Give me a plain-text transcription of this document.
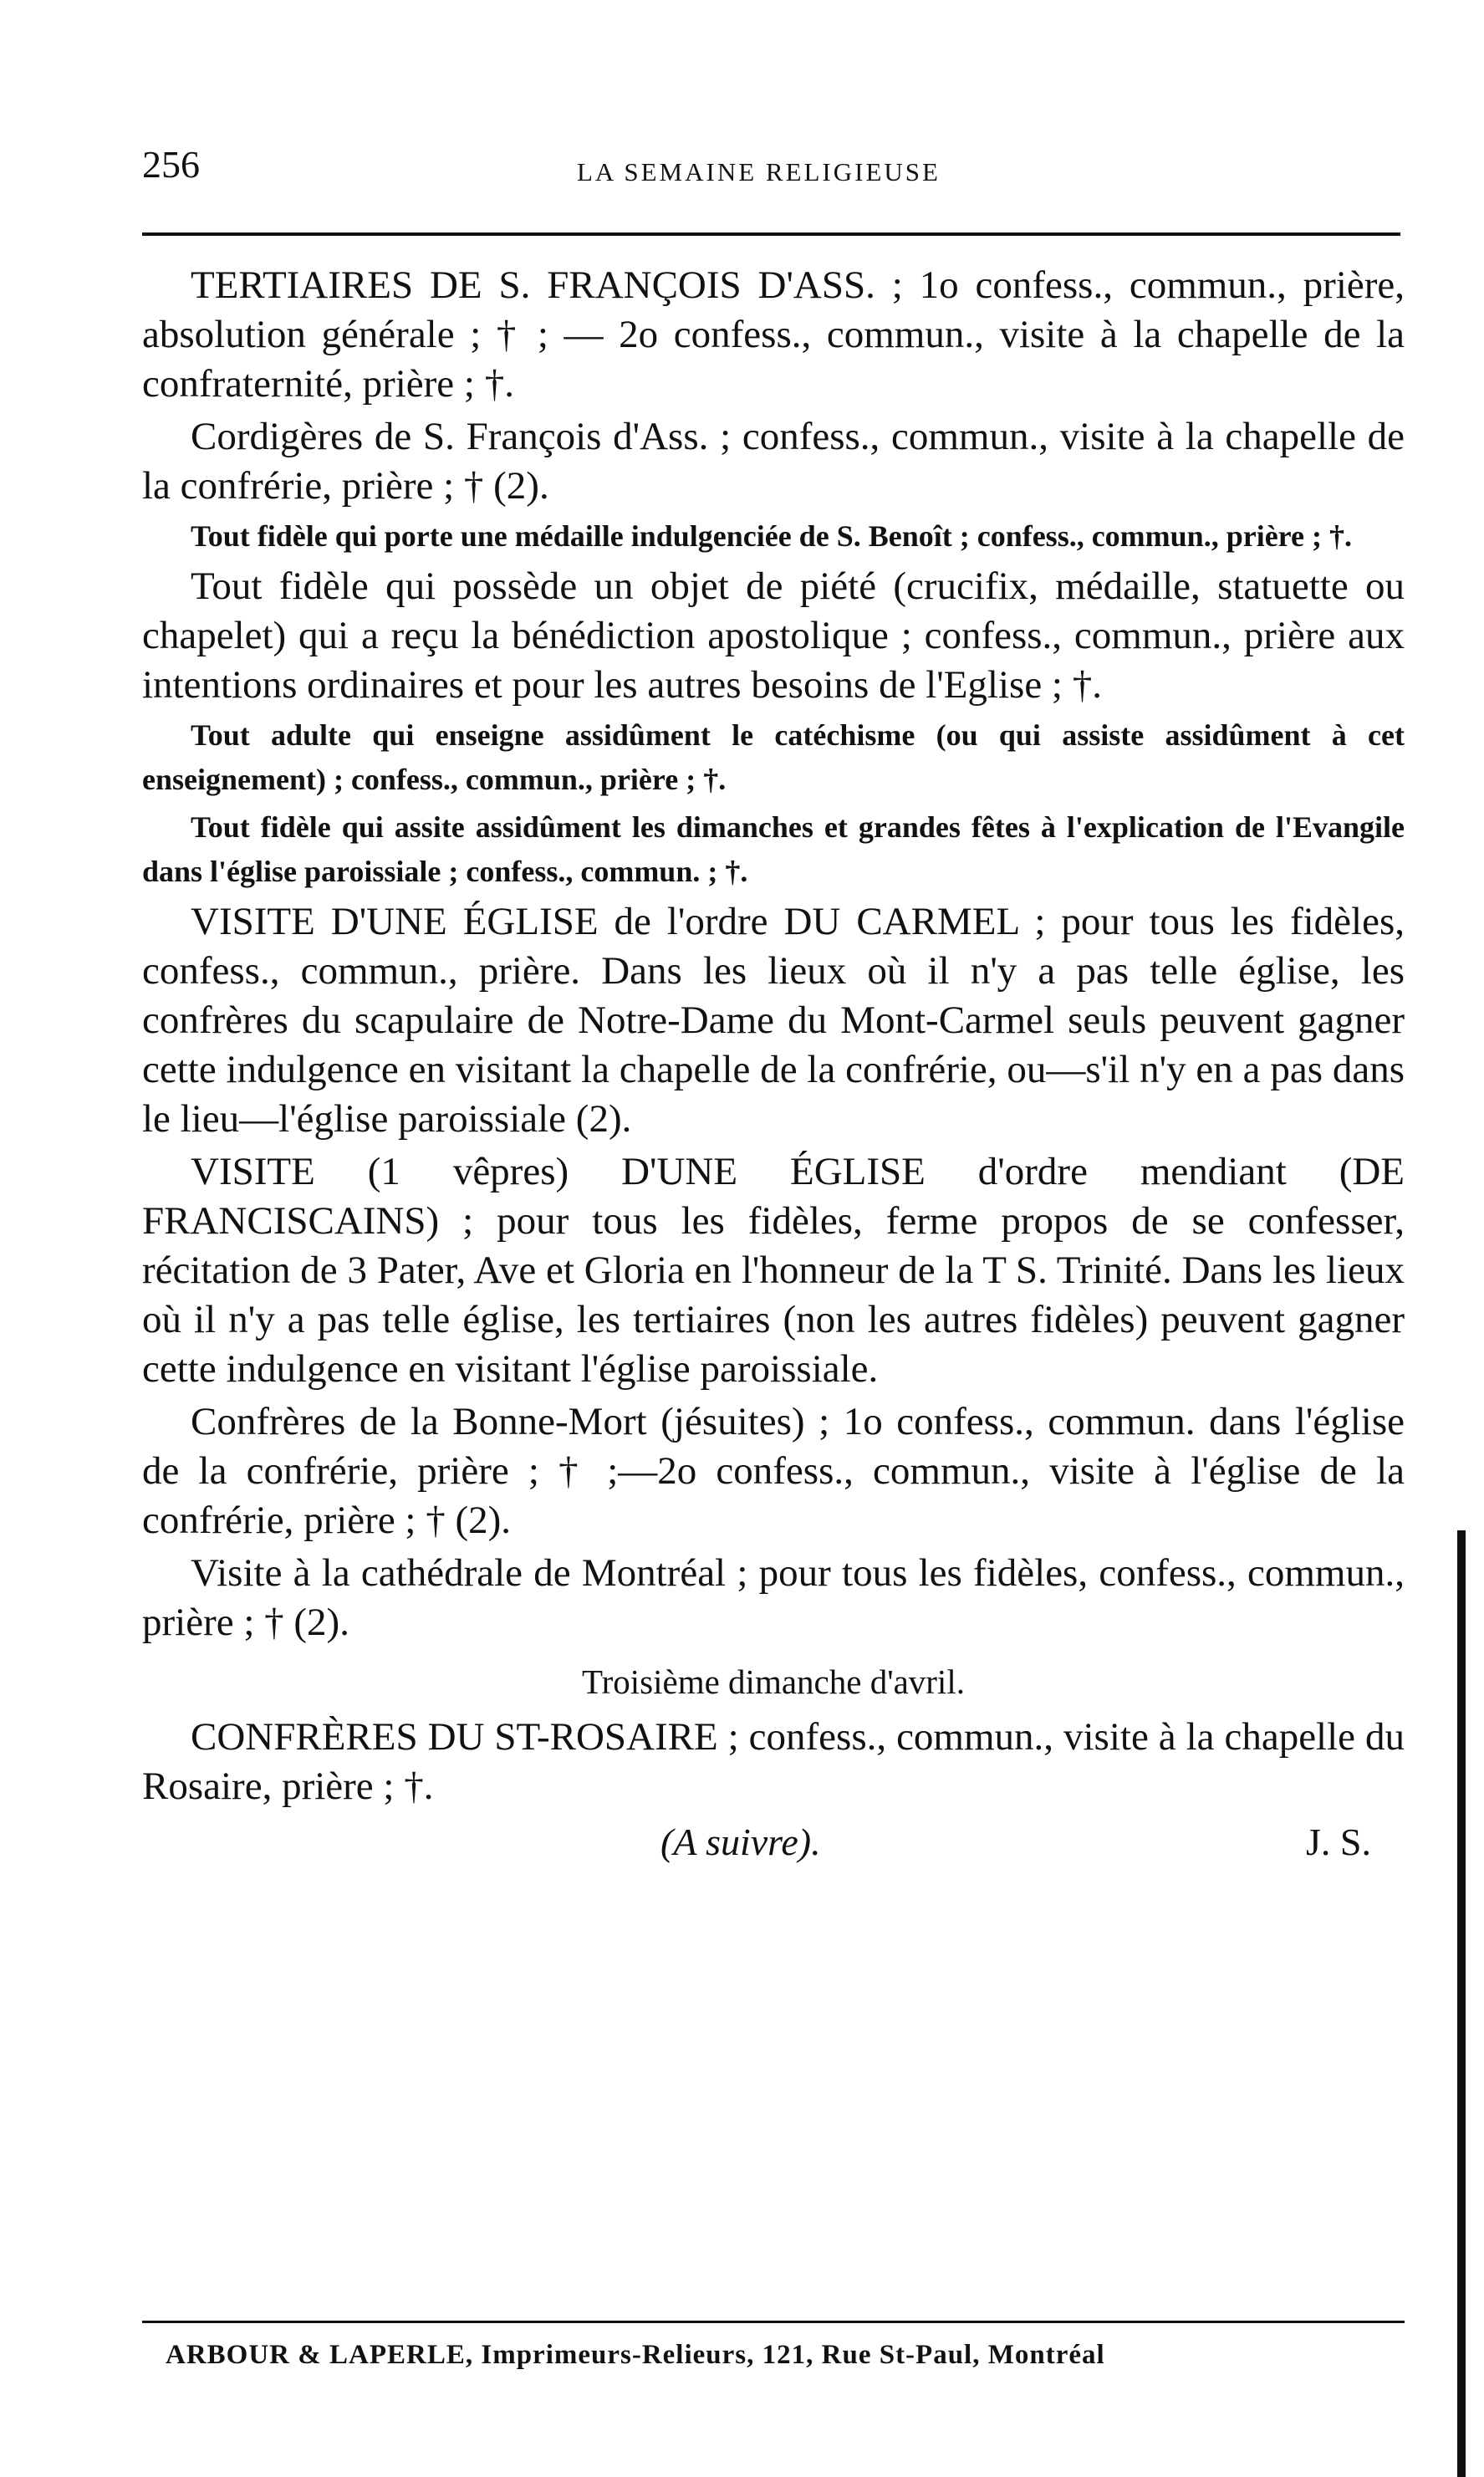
256	LA SEMAINE RELIGIEUSE

TERTIAIRES DE S. FRANÇOIS D'ASS. ; 1o confess., commun., prière, absolution générale ; † ; — 2o confess., commun., visite à la chapelle de la confraternité, prière ; †.

Cordigères de S. François d'Ass. ; confess., commun., visite à la chapelle de la confrérie, prière ; † (2).

Tout fidèle qui porte une médaille indulgenciée de S. Benoît ; confess., commun., prière ; †.

Tout fidèle qui possède un objet de piété (crucifix, médaille, statuette ou chapelet) qui a reçu la bénédiction apostolique ; confess., commun., prière aux intentions ordinaires et pour les autres besoins de l'Eglise ; †.

Tout adulte qui enseigne assidûment le catéchisme (ou qui assiste assidûment à cet enseignement) ; confess., commun., prière ; †.

Tout fidèle qui assite assidûment les dimanches et grandes fêtes à l'explication de l'Evangile dans l'église paroissiale ; confess., commun. ; †.

VISITE D'UNE ÉGLISE de l'ordre DU CARMEL ; pour tous les fidèles, confess., commun., prière. Dans les lieux où il n'y a pas telle église, les confrères du scapulaire de Notre-Dame du Mont-Carmel seuls peuvent gagner cette indulgence en visitant la chapelle de la confrérie, ou—s'il n'y en a pas dans le lieu—l'église paroissiale (2).

VISITE (1 vêpres) D'UNE ÉGLISE d'ordre mendiant (DE FRANCISCAINS) ; pour tous les fidèles, ferme propos de se confesser, récitation de 3 Pater, Ave et Gloria en l'honneur de la T S. Trinité. Dans les lieux où il n'y a pas telle église, les tertiaires (non les autres fidèles) peuvent gagner cette indulgence en visitant l'église paroissiale.

Confrères de la Bonne-Mort (jésuites) ; 1o confess., commun. dans l'église de la confrérie, prière ; † ;—2o confess., commun., visite à l'église de la confrérie, prière ; † (2).

Visite à la cathédrale de Montréal ; pour tous les fidèles, confess., commun., prière ; † (2).

Troisième dimanche d'avril.

CONFRÈRES DU ST-ROSAIRE ; confess., commun., visite à la chapelle du Rosaire, prière ; †.

(A suivre).	J. S.
ARBOUR & LAPERLE, Imprimeurs-Relieurs, 121, Rue St-Paul, Montréal
